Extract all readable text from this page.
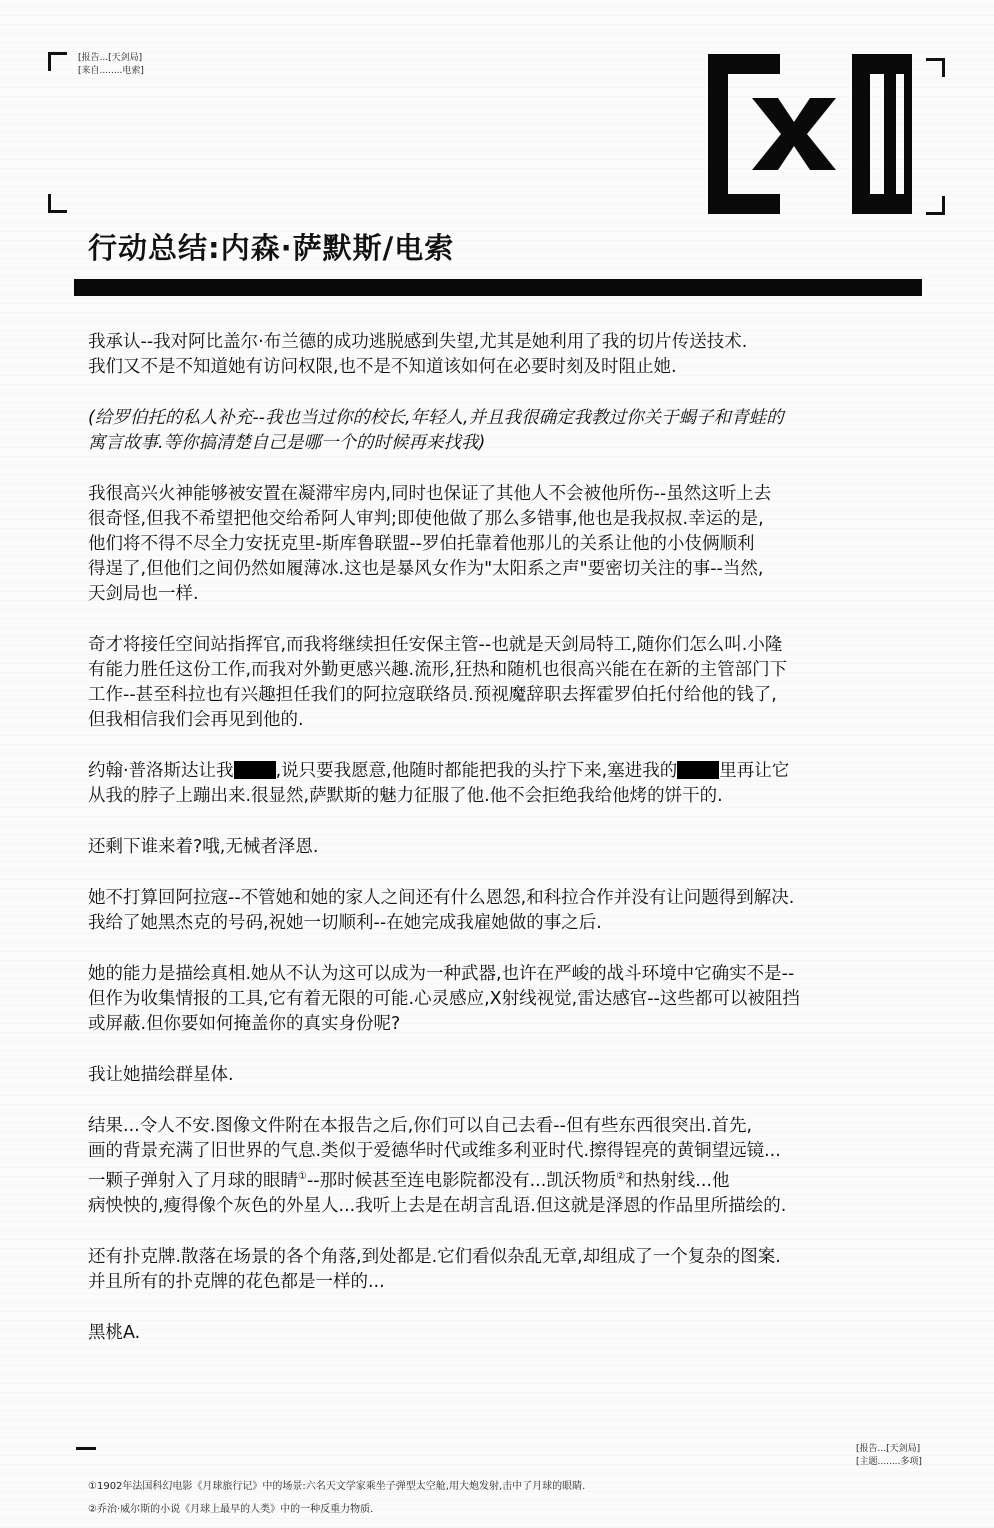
[报告...[天剑局]
[来自........电索]
行动总结:内森·萨默斯/电索

我承认--我对阿比盖尔·布兰德的成功逃脱感到失望,尤其是她利用了我的切片传送技术.
我们又不是不知道她有访问权限,也不是不知道该如何在必要时刻及时阻止她.

(给罗伯托的私人补充--我也当过你的校长,年轻人,并且我很确定我教过你关于蝎子和青蛙的
寓言故事.等你搞清楚自己是哪一个的时候再来找我)

我很高兴火神能够被安置在凝滞牢房内,同时也保证了其他人不会被他所伤--虽然这听上去
很奇怪,但我不希望把他交给希阿人审判;即使他做了那么多错事,他也是我叔叔.幸运的是,
他们将不得不尽全力安抚克里-斯库鲁联盟--罗伯托靠着他那儿的关系让他的小伎俩顺利
得逞了,但他们之间仍然如履薄冰.这也是暴风女作为"太阳系之声"要密切关注的事--当然,
天剑局也一样.

奇才将接任空间站指挥官,而我将继续担任安保主管--也就是天剑局特工,随你们怎么叫.小隆
有能力胜任这份工作,而我对外勤更感兴趣.流形,狂热和随机也很高兴能在在新的主管部门下
工作--甚至科拉也有兴趣担任我们的阿拉寇联络员.预视魔辞职去挥霍罗伯托付给他的钱了,
但我相信我们会再见到他的.

约翰·普洛斯达让我 ,说只要我愿意,他随时都能把我的头拧下来,塞进我的 里再让它
从我的脖子上蹦出来.很显然,萨默斯的魅力征服了他.他不会拒绝我给他烤的饼干的.

还剩下谁来着?哦,无械者泽恩.

她不打算回阿拉寇--不管她和她的家人之间还有什么恩怨,和科拉合作并没有让问题得到解决.
我给了她黑杰克的号码,祝她一切顺利--在她完成我雇她做的事之后.

她的能力是描绘真相.她从不认为这可以成为一种武器,也许在严峻的战斗环境中它确实不是--
但作为收集情报的工具,它有着无限的可能.心灵感应,X射线视觉,雷达感官--这些都可以被阻挡
或屏蔽.但你要如何掩盖你的真实身份呢?

我让她描绘群星体.

结果...令人不安.图像文件附在本报告之后,你们可以自己去看--但有些东西很突出.首先,
画的背景充满了旧世界的气息.类似于爱德华时代或维多利亚时代.擦得锃亮的黄铜望远镜...
一颗子弹射入了月球的眼睛①--那时候甚至连电影院都没有...凯沃物质②和热射线...他
病怏怏的,瘦得像个灰色的外星人...我听上去是在胡言乱语.但这就是泽恩的作品里所描绘的.

还有扑克牌.散落在场景的各个角落,到处都是.它们看似杂乱无章,却组成了一个复杂的图案.
并且所有的扑克牌的花色都是一样的...

黑桃A.

[报告...[天剑局]
[主题........多项]
①1902年法国科幻电影《月球旅行记》中的场景:六名天文学家乘坐子弹型太空舱,用大炮发射,击中了月球的眼睛.
②乔治·威尔斯的小说《月球上最早的人类》中的一种反重力物质.
